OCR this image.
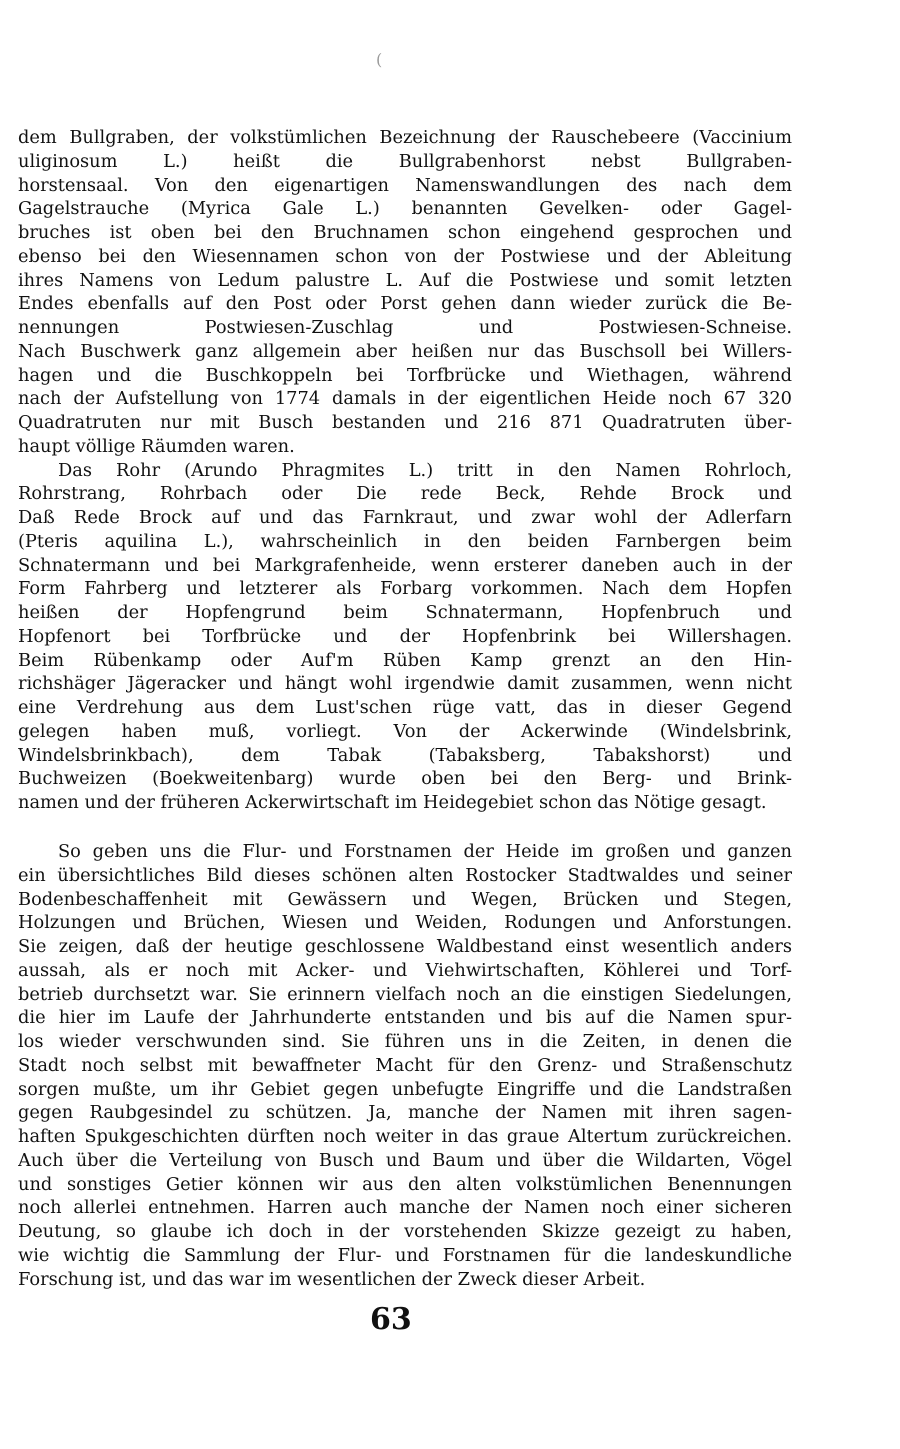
(
dem Bullgraben, der volkstümlichen Bezeichnung der Rauschebeere (Vaccinium
uliginosum L.) heißt die Bullgrabenhorst nebst Bullgraben-
horstensaal. Von den eigenartigen Namenswandlungen des nach dem
Gagelstrauche (Myrica Gale L.) benannten Gevelken- oder Gagel-
bruches ist oben bei den Bruchnamen schon eingehend gesprochen und
ebenso bei den Wiesennamen schon von der Postwiese und der Ableitung
ihres Namens von Ledum palustre L. Auf die Postwiese und somit letzten
Endes ebenfalls auf den Post oder Porst gehen dann wieder zurück die Be-
nennungen Postwiesen-Zuschlag und Postwiesen-Schneise.
Nach Buschwerk ganz allgemein aber heißen nur das Buschsoll bei Willers-
hagen und die Buschkoppeln bei Torfbrücke und Wiethagen, während
nach der Aufstellung von 1774 damals in der eigentlichen Heide noch 67 320
Quadratruten nur mit Busch bestanden und 216 871 Quadratruten über-
haupt völlige Räumden waren.
Das Rohr (Arundo Phragmites L.) tritt in den Namen Rohrloch,
Rohrstrang, Rohrbach oder Die rede Beck, Rehde Brock und
Daß Rede Brock auf und das Farnkraut, und zwar wohl der Adlerfarn
(Pteris aquilina L.), wahrscheinlich in den beiden Farnbergen beim
Schnatermann und bei Markgrafenheide, wenn ersterer daneben auch in der
Form Fahrberg und letzterer als Forbarg vorkommen. Nach dem Hopfen
heißen der Hopfengrund beim Schnatermann, Hopfenbruch und
Hopfenort bei Torfbrücke und der Hopfenbrink bei Willershagen.
Beim Rübenkamp oder Auf'm Rüben Kamp grenzt an den Hin-
richshäger Jägeracker und hängt wohl irgendwie damit zusammen, wenn nicht
eine Verdrehung aus dem Lust'schen rüge vatt, das in dieser Gegend
gelegen haben muß, vorliegt. Von der Ackerwinde (Windelsbrink,
Windelsbrinkbach), dem Tabak (Tabaksberg, Tabakshorst) und
Buchweizen (Boekweitenbarg) wurde oben bei den Berg- und Brink-
namen und der früheren Ackerwirtschaft im Heidegebiet schon das Nötige gesagt.
So geben uns die Flur- und Forstnamen der Heide im großen und ganzen
ein übersichtliches Bild dieses schönen alten Rostocker Stadtwaldes und seiner
Bodenbeschaffenheit mit Gewässern und Wegen, Brücken und Stegen,
Holzungen und Brüchen, Wiesen und Weiden, Rodungen und Anforstungen.
Sie zeigen, daß der heutige geschlossene Waldbestand einst wesentlich anders
aussah, als er noch mit Acker- und Viehwirtschaften, Köhlerei und Torf-
betrieb durchsetzt war. Sie erinnern vielfach noch an die einstigen Siedelungen,
die hier im Laufe der Jahrhunderte entstanden und bis auf die Namen spur-
los wieder verschwunden sind. Sie führen uns in die Zeiten, in denen die
Stadt noch selbst mit bewaffneter Macht für den Grenz- und Straßenschutz
sorgen mußte, um ihr Gebiet gegen unbefugte Eingriffe und die Landstraßen
gegen Raubgesindel zu schützen. Ja, manche der Namen mit ihren sagen-
haften Spukgeschichten dürften noch weiter in das graue Altertum zurückreichen.
Auch über die Verteilung von Busch und Baum und über die Wildarten, Vögel
und sonstiges Getier können wir aus den alten volkstümlichen Benennungen
noch allerlei entnehmen. Harren auch manche der Namen noch einer sicheren
Deutung, so glaube ich doch in der vorstehenden Skizze gezeigt zu haben,
wie wichtig die Sammlung der Flur- und Forstnamen für die landeskundliche
Forschung ist, und das war im wesentlichen der Zweck dieser Arbeit.
63
